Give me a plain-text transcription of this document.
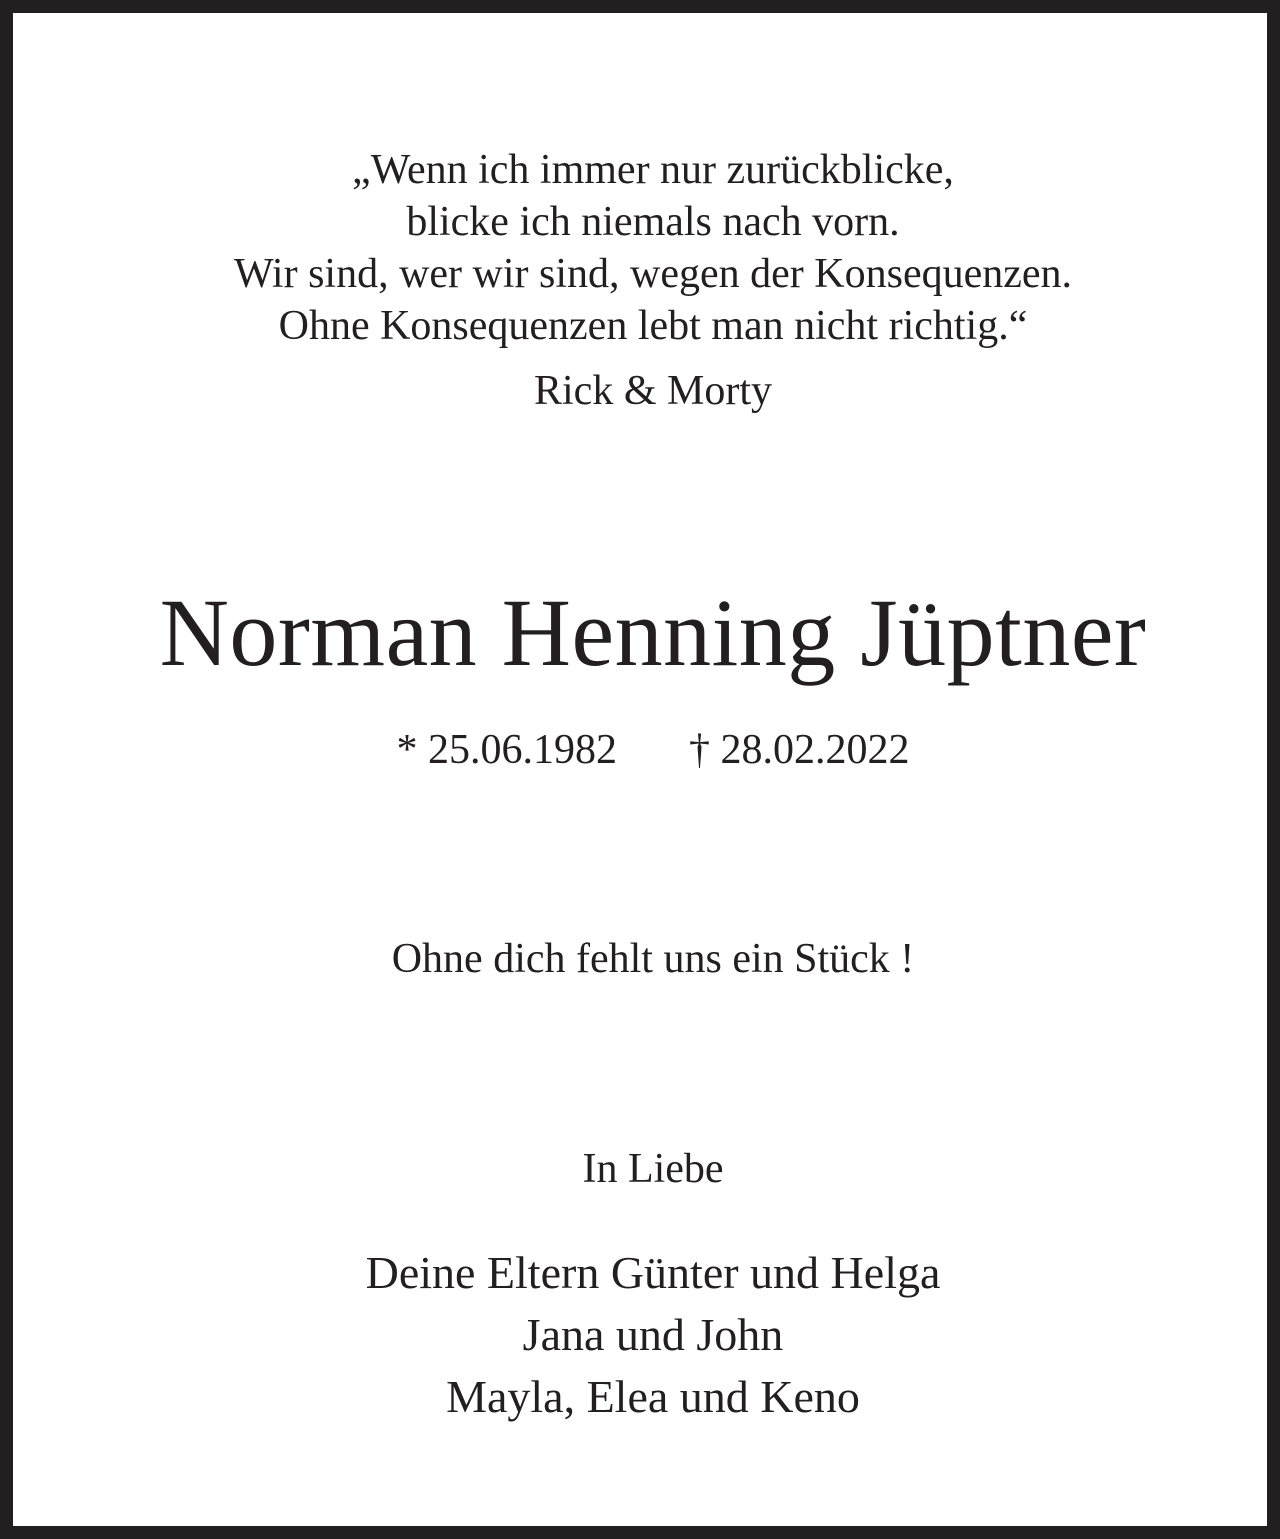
„Wenn ich immer nur zurückblicke,
blicke ich niemals nach vorn.
Wir sind, wer wir sind, wegen der Konsequenzen.
Ohne Konsequenzen lebt man nicht richtig.“
Rick & Morty
Norman Henning Jüptner
* 25.06.1982 † 28.02.2022
Ohne dich fehlt uns ein Stück !
In Liebe
Deine Eltern Günter und Helga
Jana und John
Mayla, Elea und Keno
